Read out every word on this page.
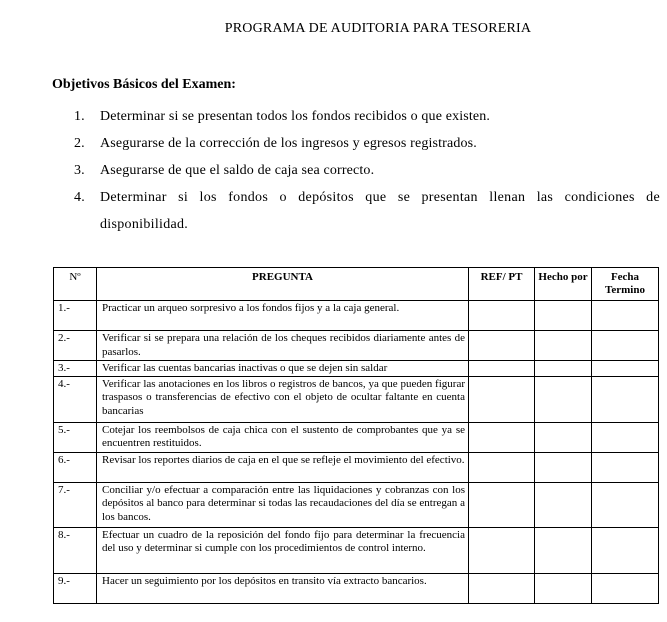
PROGRAMA DE AUDITORIA PARA TESORERIA
Objetivos Básicos del Examen:
1. Determinar si se presentan todos los fondos recibidos o que existen.
2. Asegurarse de la corrección de los ingresos y egresos registrados.
3. Asegurarse de que el saldo de caja sea correcto.
4. Determinar si los fondos o depósitos que se presentan llenan las condiciones de disponibilidad.
Nº	PREGUNTA	REF/ PT	Hecho por	Fecha Termino
1.-	Practicar un arqueo sorpresivo a los fondos fijos y a la caja general.			
2.-	Verificar si se prepara una relación de los cheques recibidos diariamente antes de pasarlos.			
3.-	Verificar las cuentas bancarias inactivas o que se dejen sin saldar			
4.-	Verificar las anotaciones en los libros o registros de bancos, ya que pueden figurar traspasos o transferencias de efectivo con el objeto de ocultar faltante en cuenta bancarias			
5.-	Cotejar los reembolsos de caja chica con el sustento de comprobantes que ya se encuentren restituidos.			
6.-	Revisar los reportes diarios de caja en el que se refleje el movimiento del efectivo.			
7.-	Conciliar y/o efectuar a comparación entre las liquidaciones y cobranzas con los depósitos al banco para determinar si todas las recaudaciones del día se entregan a los bancos.			
8.-	Efectuar un cuadro de la reposición del fondo fijo para determinar la frecuencia del uso y determinar si cumple con los procedimientos de control interno.			
9.-	Hacer un seguimiento por los depósitos en transito vía extracto bancarios.			
